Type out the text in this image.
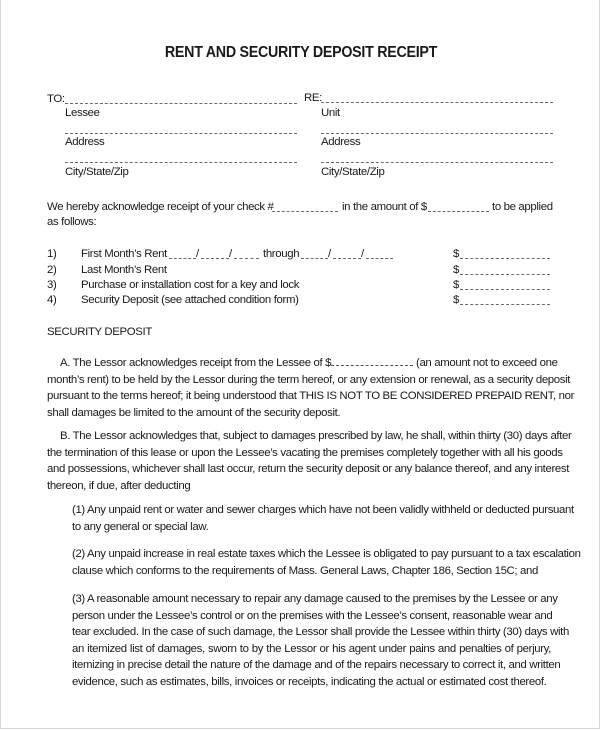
RENT AND SECURITY DEPOSIT RECEIPT
TO:
Lessee
Address
City/State/Zip
RE:
Unit
Address
City/State/Zip
We hereby acknowledge receipt of your check #	in the amount of $	to be applied
as follows:
1) First Month’s Rent	/	/	through	/	/	$
2) Last Month’s Rent	$
3) Purchase or installation cost for a key and lock	$
4) Security Deposit (see attached condition form)	$
SECURITY DEPOSIT
A. The Lessor acknowledges receipt from the Lessee of $	(an amount not to exceed one
month’s rent) to be held by the Lessor during the term hereof, or any extension or renewal, as a security deposit
pursuant to the terms hereof; it being understood that THIS IS NOT TO BE CONSIDERED PREPAID RENT, nor
shall damages be limited to the amount of the security deposit.
B. The Lessor acknowledges that, subject to damages prescribed by law, he shall, within thirty (30) days after
the termination of this lease or upon the Lessee’s vacating the premises completely together with all his goods
and possessions, whichever shall last occur, return the security deposit or any balance thereof, and any interest
thereon, if due, after deducting
(1) Any unpaid rent or water and sewer charges which have not been validly withheld or deducted pursuant
to any general or special law.
(2) Any unpaid increase in real estate taxes which the Lessee is obligated to pay pursuant to a tax escalation
clause which conforms to the requirements of Mass. General Laws, Chapter 186, Section 15C; and
(3) A reasonable amount necessary to repair any damage caused to the premises by the Lessee or any
person under the Lessee’s control or on the premises with the Lessee’s consent, reasonable wear and
tear excluded. In the case of such damage, the Lessor shall provide the Lessee within thirty (30) days with
an itemized list of damages, sworn to by the Lessor or his agent under pains and penalties of perjury,
itemizing in precise detail the nature of the damage and of the repairs necessary to correct it, and written
evidence, such as estimates, bills, invoices or receipts, indicating the actual or estimated cost thereof.
